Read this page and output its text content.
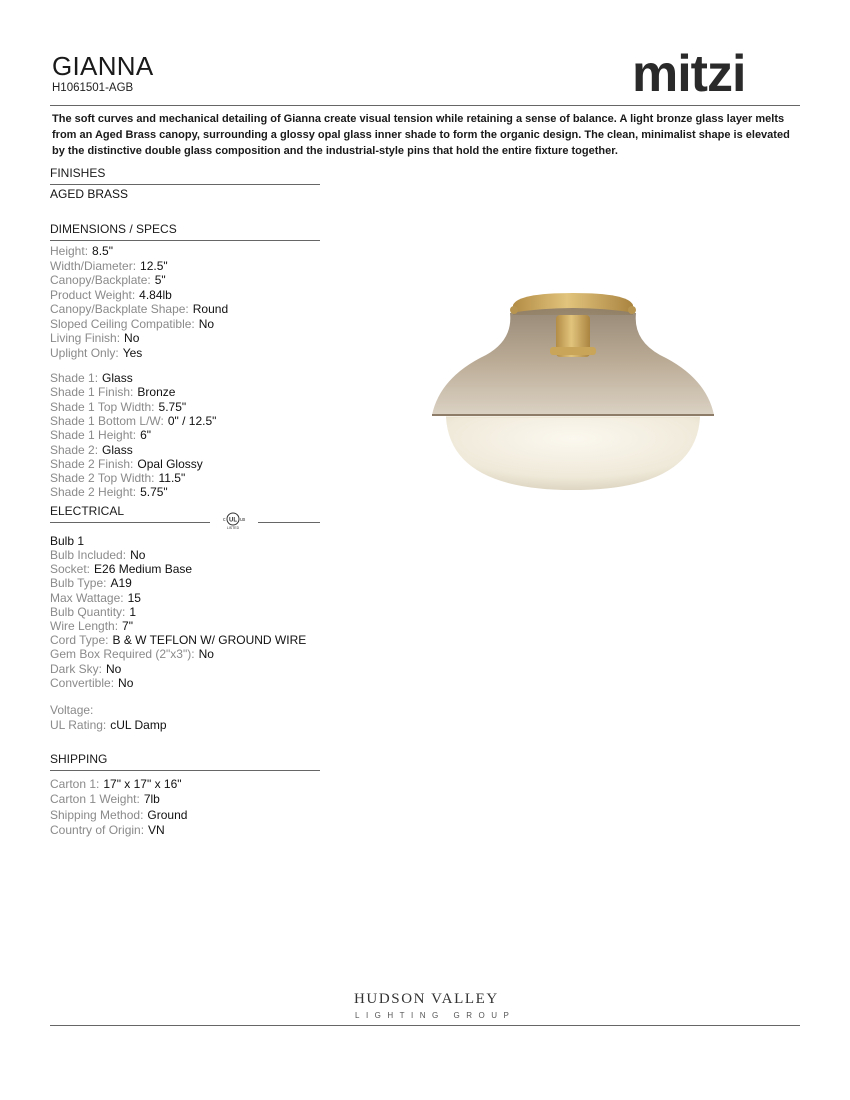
GIANNA
H1061501-AGB	mitzi
The soft curves and mechanical detailing of Gianna create visual tension while retaining a sense of balance. A light bronze glass layer melts from an Aged Brass canopy, surrounding a glossy opal glass inner shade to form the organic design. The clean, minimalist shape is elevated by the distinctive double glass composition and the industrial-style pins that hold the entire fixture together.
FINISHES
AGED BRASS
DIMENSIONS / SPECS
Height: 8.5"
Width/Diameter: 12.5"
Canopy/Backplate: 5"
Product Weight: 4.84lb
Canopy/Backplate Shape: Round
Sloped Ceiling Compatible: No
Living Finish: No
Uplight Only: Yes
Shade 1: Glass
Shade 1 Finish: Bronze
Shade 1 Top Width: 5.75"
Shade 1 Bottom L/W: 0" / 12.5"
Shade 1 Height: 6"
Shade 2: Glass
Shade 2 Finish: Opal Glossy
Shade 2 Top Width: 11.5"
Shade 2 Height: 5.75"
ELECTRICAL
UL
c	us
LISTED
Bulb 1
Bulb Included: No
Socket: E26 Medium Base
Bulb Type: A19
Max Wattage: 15
Bulb Quantity: 1
Wire Length: 7"
Cord Type: B & W TEFLON W/ GROUND WIRE
Gem Box Required (2"x3"): No
Dark Sky: No
Convertible: No
Voltage:
UL Rating: cUL Damp
SHIPPING
Carton 1: 17" x 17" x 16"
Carton 1 Weight: 7lb
Shipping Method: Ground
Country of Origin: VN
HUDSON VALLEY
LIGHTING GROUP
